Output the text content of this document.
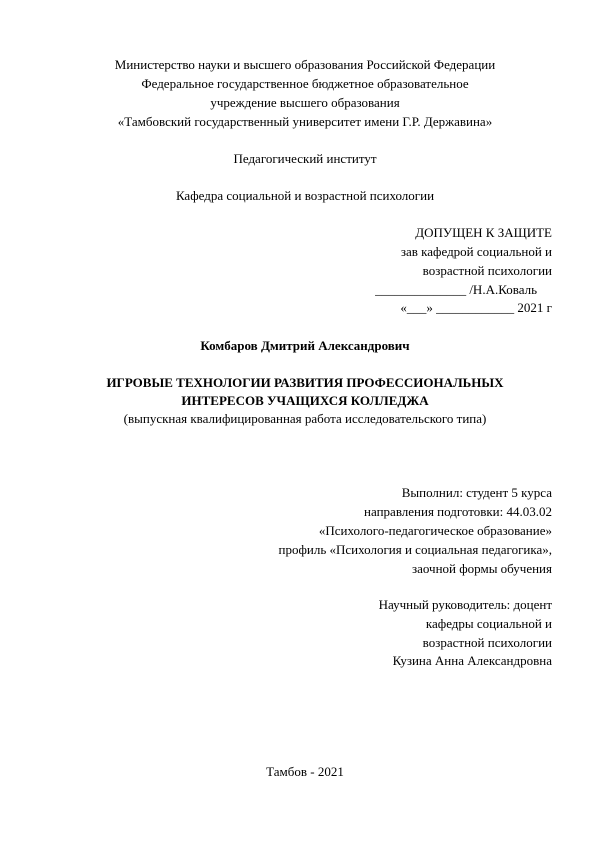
Министерство науки и высшего образования Российской Федерации
Федеральное государственное бюджетное образовательное
учреждение высшего образования
«Тамбовский государственный университет имени Г.Р. Державина»
Педагогический институт
Кафедра социальной и возрастной психологии
ДОПУЩЕН К ЗАЩИТЕ
зав кафедрой социальной и
возрастной психологии
______________ /Н.А.Коваль
«___» ____________ 2021 г
Комбаров Дмитрий Александрович
ИГРОВЫЕ ТЕХНОЛОГИИ РАЗВИТИЯ ПРОФЕССИОНАЛЬНЫХ
ИНТЕРЕСОВ УЧАЩИХСЯ КОЛЛЕДЖА
(выпускная квалифицированная работа исследовательского типа)
Выполнил: студент 5 курса
направления подготовки: 44.03.02
«Психолого-педагогическое образование»
профиль «Психология и социальная педагогика»,
заочной формы обучения
Научный руководитель: доцент
кафедры социальной и
возрастной психологии
Кузина Анна Александровна
Тамбов - 2021
